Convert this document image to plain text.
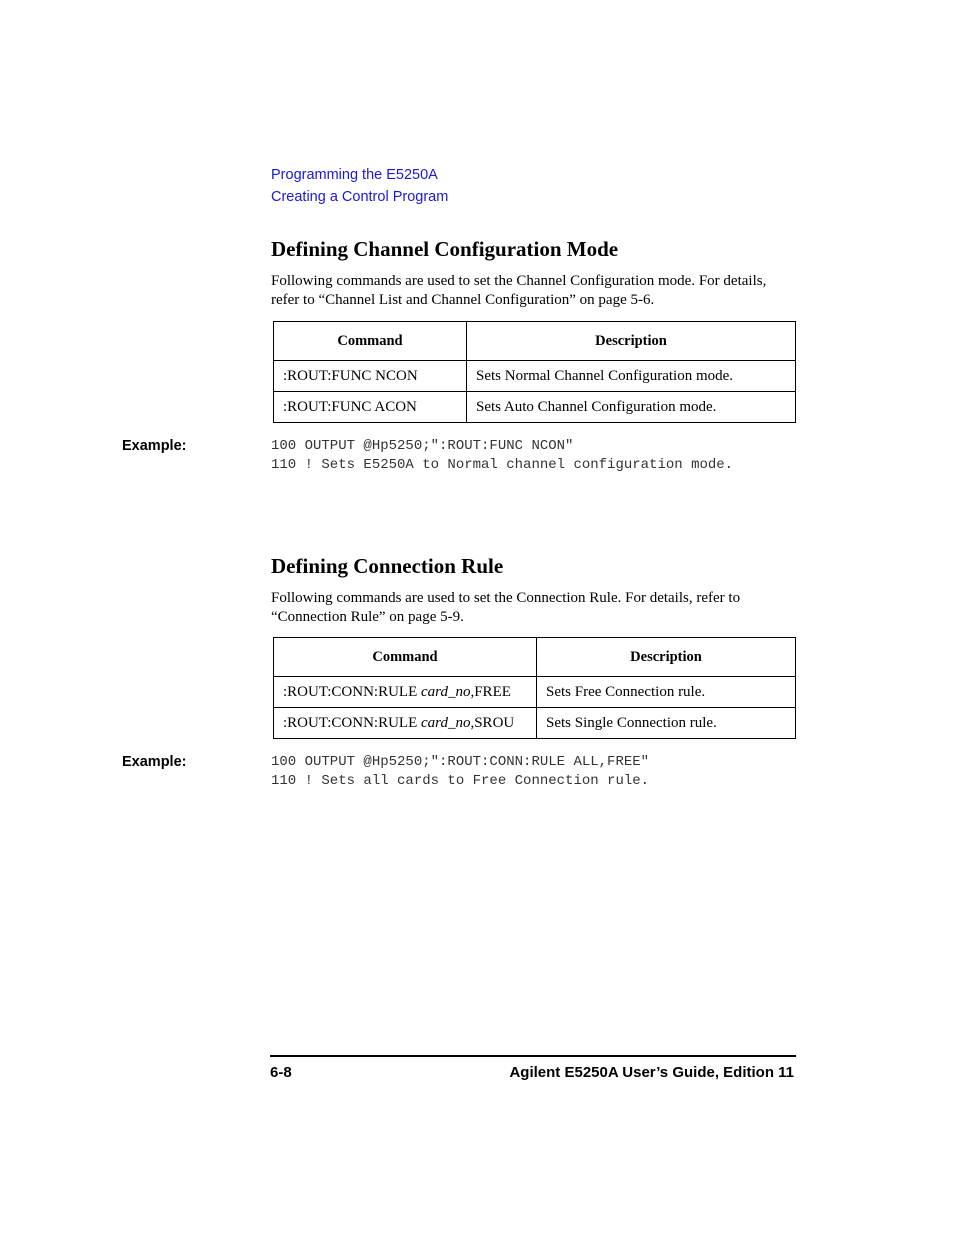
Programming the E5250A
Creating a Control Program
Defining Channel Configuration Mode
Following commands are used to set the Channel Configuration mode. For details,
refer to “Channel List and Channel Configuration” on page 5-6.
Command	Description
:ROUT:FUNC NCON	Sets Normal Channel Configuration mode.
:ROUT:FUNC ACON	Sets Auto Channel Configuration mode.
Example:	100 OUTPUT @Hp5250;":ROUT:FUNC NCON"
110 ! Sets E5250A to Normal channel configuration mode.
Defining Connection Rule
Following commands are used to set the Connection Rule. For details, refer to
“Connection Rule” on page 5-9.
Command	Description
:ROUT:CONN:RULE card_no,FREE	Sets Free Connection rule.
:ROUT:CONN:RULE card_no,SROU	Sets Single Connection rule.
Example:	100 OUTPUT @Hp5250;":ROUT:CONN:RULE ALL,FREE"
110 ! Sets all cards to Free Connection rule.
6-8	Agilent E5250A User’s Guide, Edition 11
